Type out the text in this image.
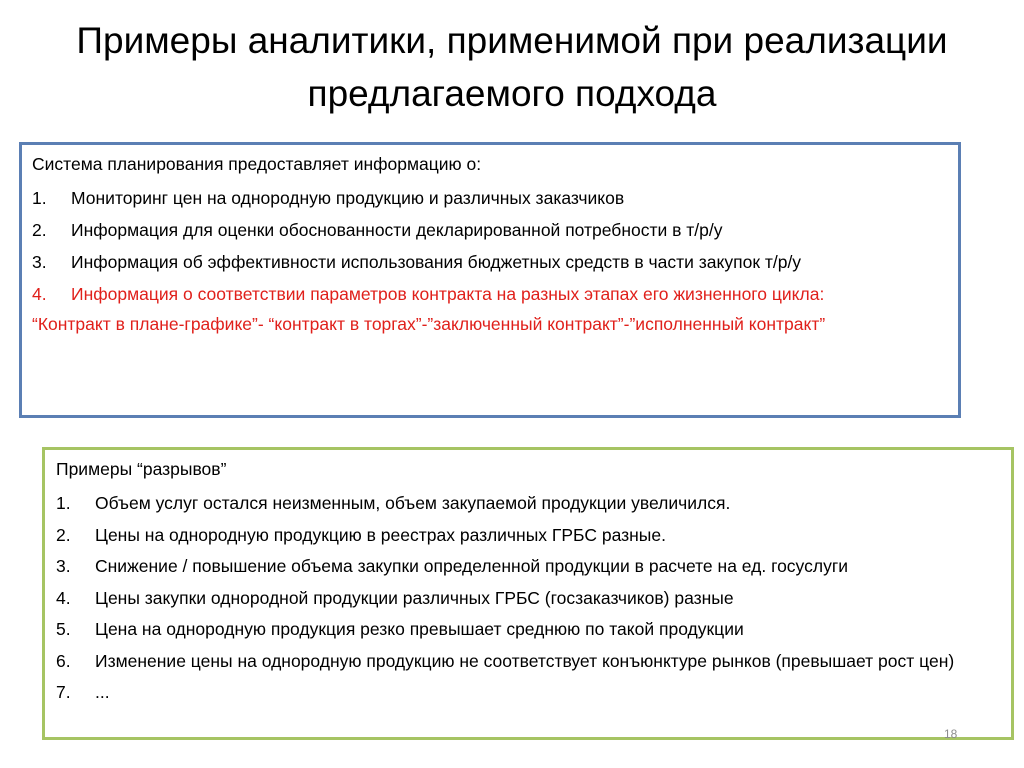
Примеры аналитики, применимой при реализации
предлагаемого подхода
Система планирования предоставляет информацию о:
1. Мониторинг цен на однородную продукцию и различных заказчиков
2. Информация для оценки обоснованности декларированной потребности в т/р/у
3. Информация об эффективности использования бюджетных средств в части закупок т/р/у
4. Информация о соответствии параметров контракта на разных этапах его жизненного цикла:
“Контракт в плане-графике”- “контракт в торгах”-”заключенный контракт”-”исполненный контракт”
Примеры “разрывов”
1. Объем услуг остался неизменным, объем закупаемой продукции увеличился.
2. Цены на однородную продукцию в реестрах различных ГРБС разные.
3. Снижение / повышение объема закупки определенной продукции в расчете на ед. госуслуги
4. Цены закупки однородной продукции различных ГРБС (госзаказчиков) разные
5. Цена на однородную продукция резко превышает среднюю по такой продукции
6. Изменение цены на однородную продукцию не соответствует конъюнктуре рынков (превышает рост цен)
7. ...
18
